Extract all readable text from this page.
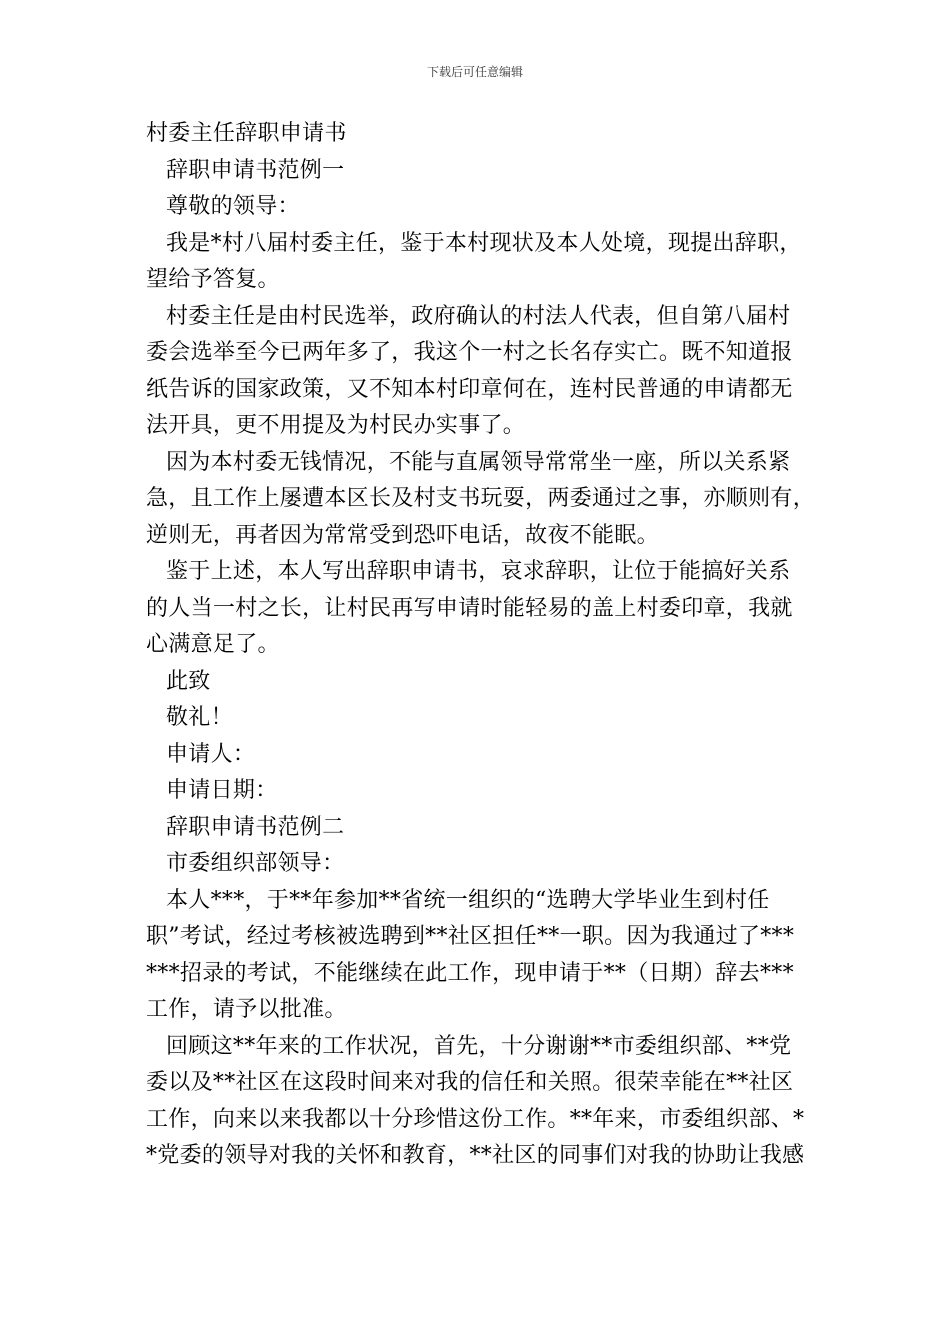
下载后可任意编辑
村委主任辞职申请书
辞职申请书范例一
尊敬的领导：
我是*村八届村委主任，鉴于本村现状及本人处境，现提出辞职，
望给予答复。
村委主任是由村民选举，政府确认的村法人代表，但自第八届村
委会选举至今已两年多了，我这个一村之长名存实亡。既不知道报
纸告诉的国家政策，又不知本村印章何在，连村民普通的申请都无
法开具，更不用提及为村民办实事了。
因为本村委无钱情况，不能与直属领导常常坐一座，所以关系紧
急，且工作上屡遭本区长及村支书玩耍，两委通过之事，亦顺则有，
逆则无，再者因为常常受到恐吓电话，故夜不能眠。
鉴于上述，本人写出辞职申请书，哀求辞职，让位于能搞好关系
的人当一村之长，让村民再写申请时能轻易的盖上村委印章，我就
心满意足了。
此致
敬礼！
申请人：
申请日期：
辞职申请书范例二
市委组织部领导：
本人***，于**年参加**省统一组织的“选聘大学毕业生到村任
职”考试，经过考核被选聘到**社区担任**一职。因为我通过了***
***招录的考试，不能继续在此工作，现申请于**（日期）辞去***
工作，请予以批准。
回顾这**年来的工作状况，首先，十分谢谢**市委组织部、**党
委以及**社区在这段时间来对我的信任和关照。很荣幸能在**社区
工作，向来以来我都以十分珍惜这份工作。**年来，市委组织部、*
*党委的领导对我的关怀和教育，**社区的同事们对我的协助让我感
